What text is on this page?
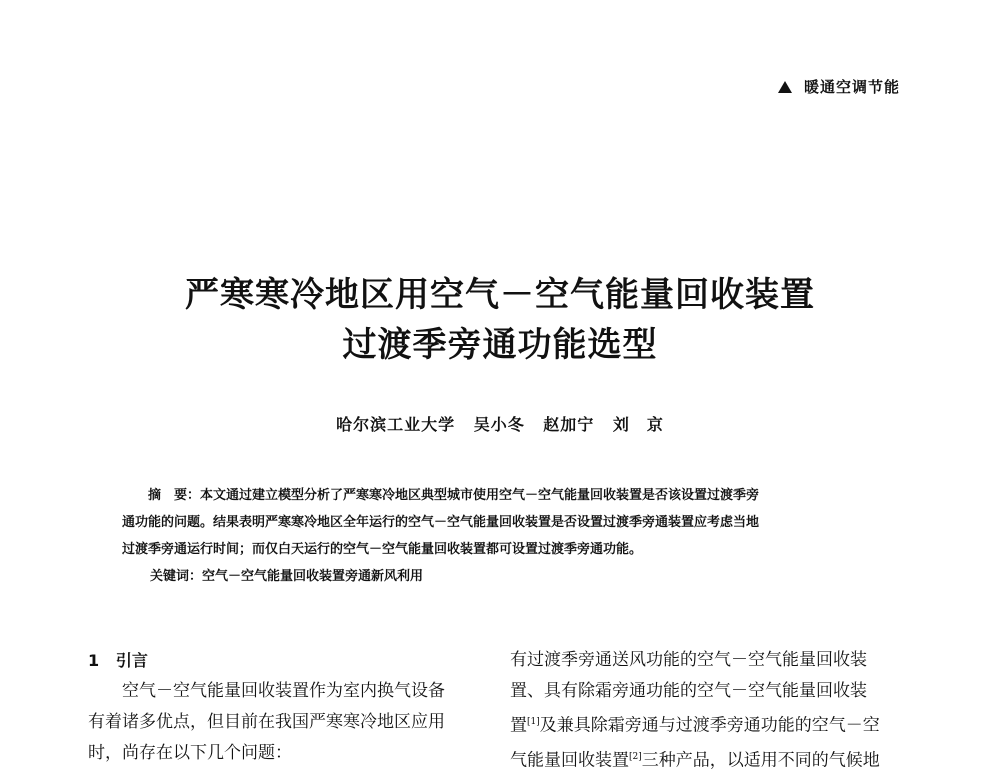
暖通空调节能
严寒寒冷地区用空气－空气能量回收装置
过渡季旁通功能选型
哈尔滨工业大学 吴小冬 赵加宁 刘　京

摘　要：本文通过建立模型分析了严寒寒冷地区典型城市使用空气－空气能量回收装置是否该设置过渡季旁

通功能的问题。结果表明严寒寒冷地区全年运行的空气－空气能量回收装置是否设置过渡季旁通装置应考虑当地

过渡季旁通运行时间；而仅白天运行的空气－空气能量回收装置都可设置过渡季旁通功能。

关键词：空气－空气能量回收装置旁通新风利用

1 引言

空气－空气能量回收装置作为室内换气设备

有着诸多优点，但目前在我国严寒寒冷地区应用

时，尚存在以下几个问题：

有过渡季旁通送风功能的空气－空气能量回收装

置、具有除霜旁通功能的空气－空气能量回收装

置[1]及兼具除霜旁通与过渡季旁通功能的空气－空

气能量回收装置[2]三种产品，以适用不同的气候地
